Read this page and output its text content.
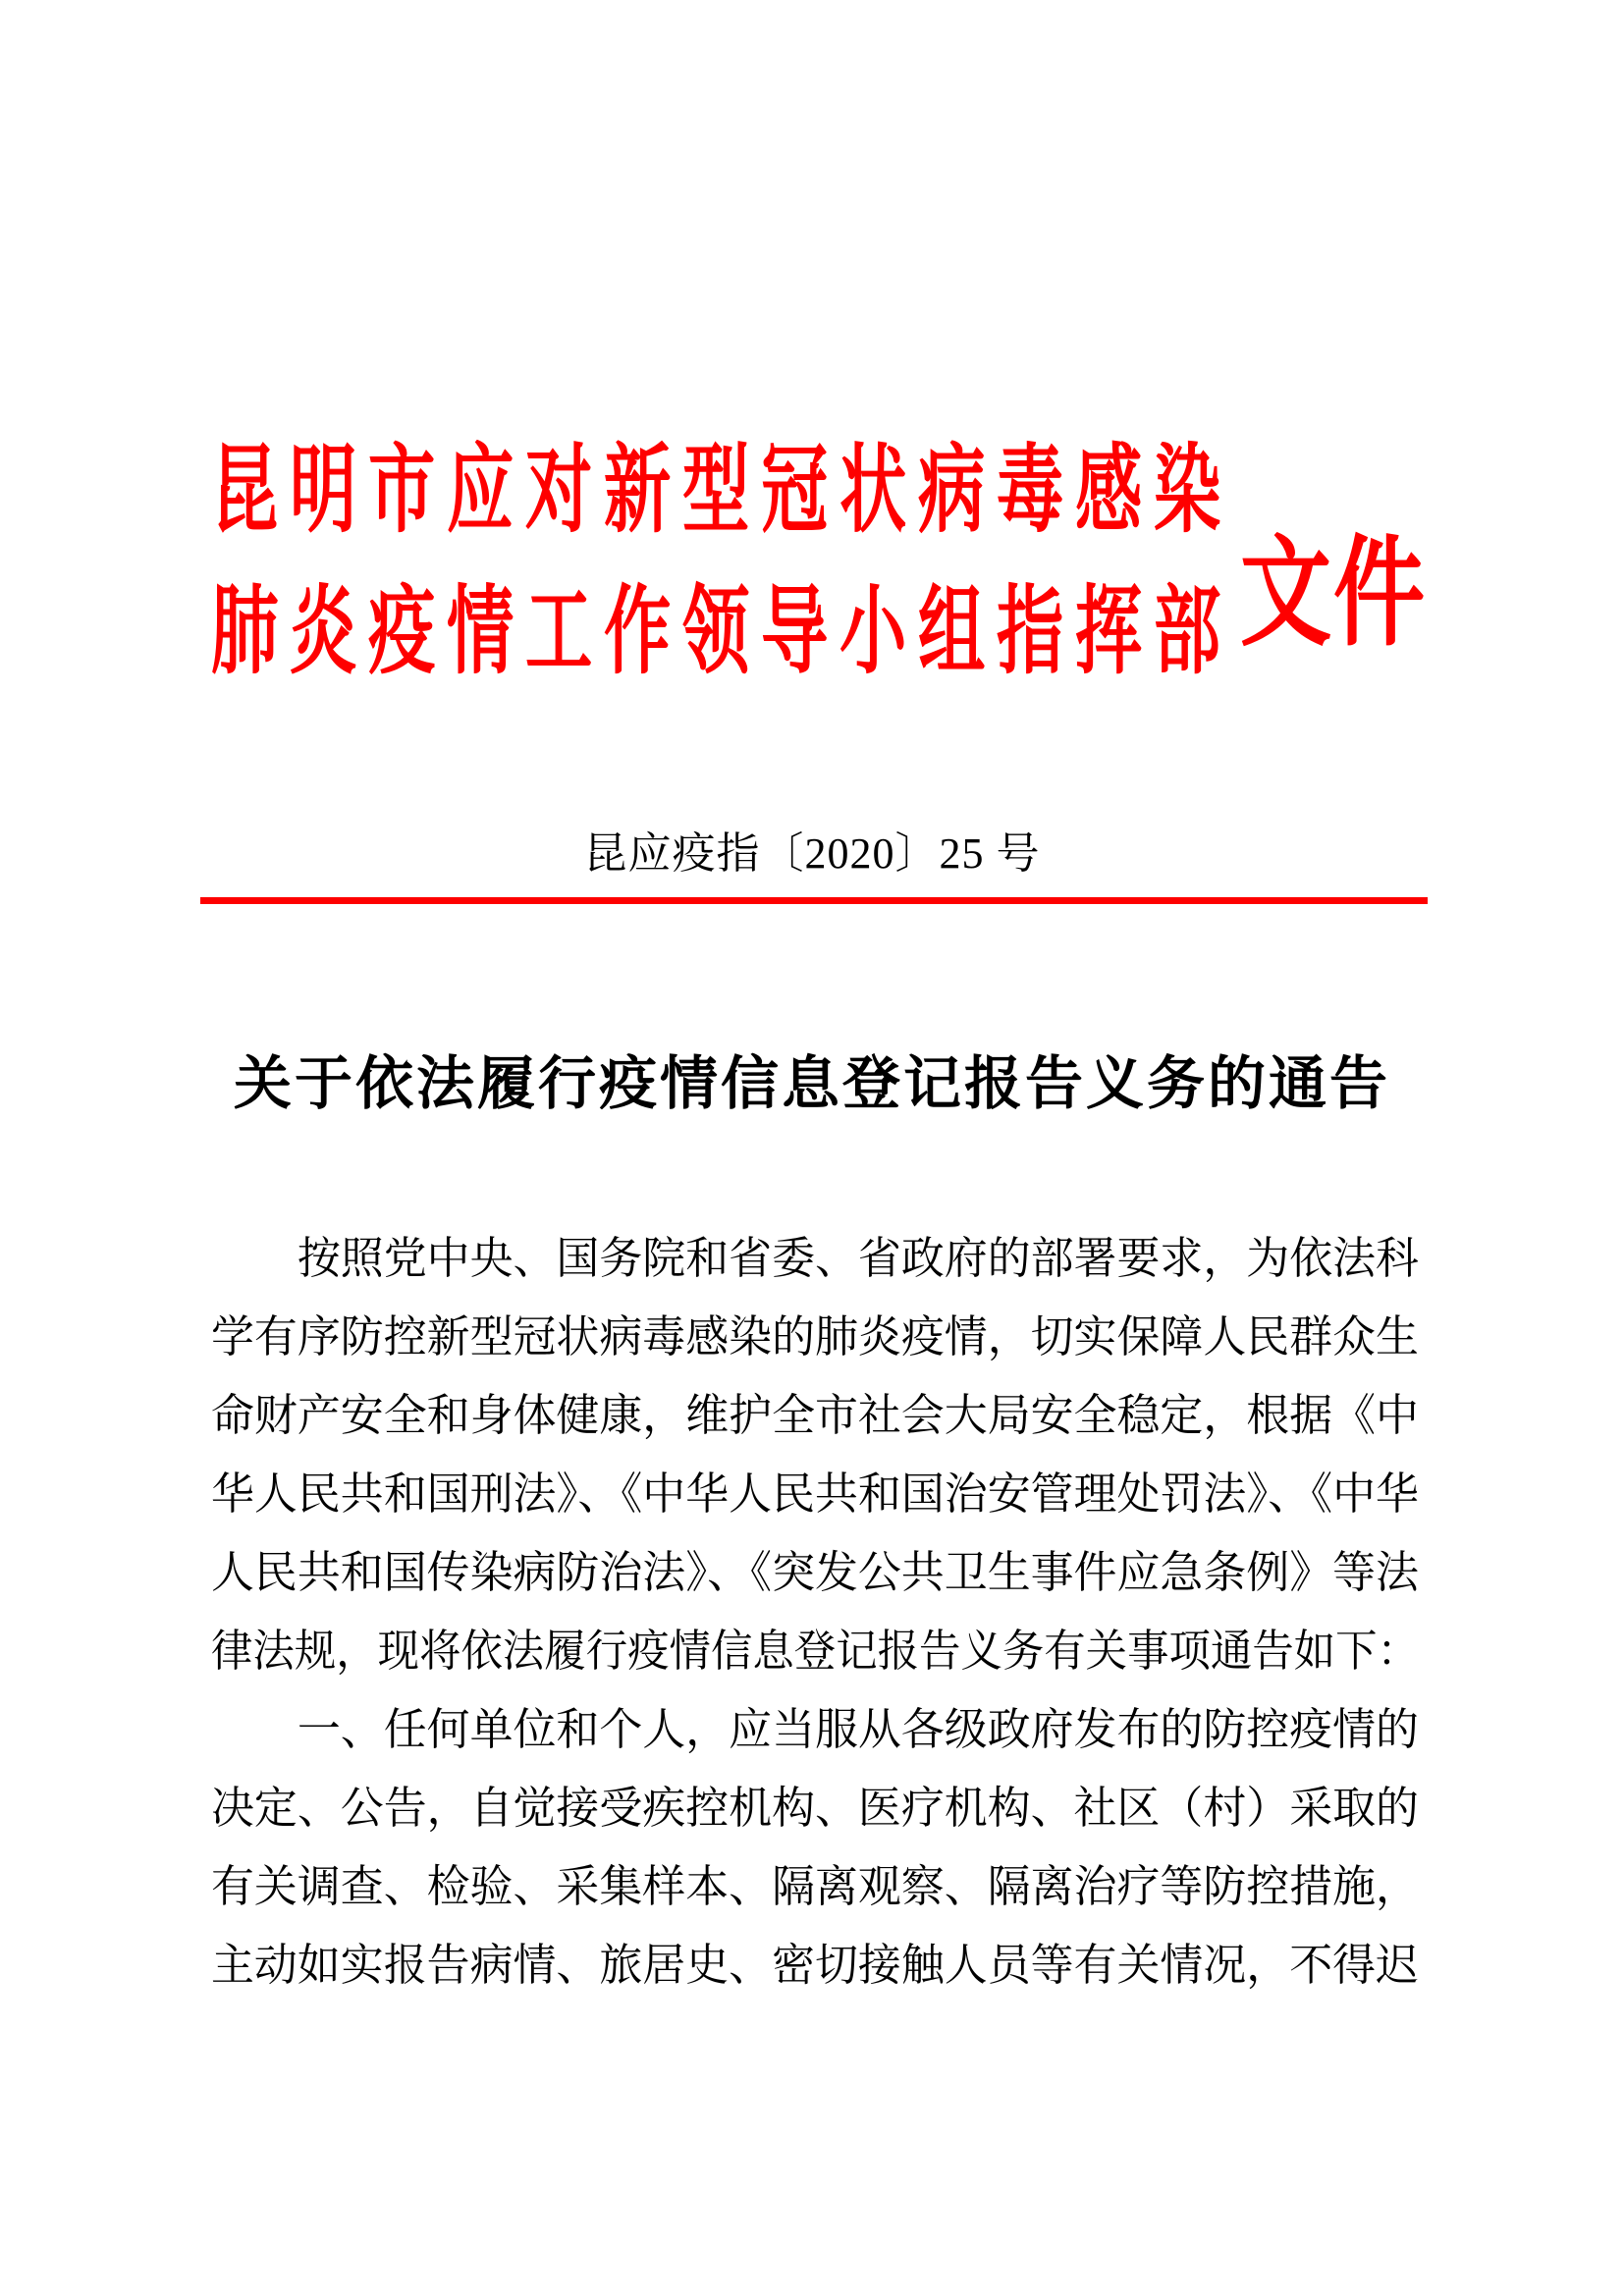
昆明市应对新型冠状病毒感染
肺炎疫情工作领导小组指挥部 文件
昆应疫指〔2020〕25 号
关于依法履行疫情信息登记报告义务的通告
　　按照党中央、国务院和省委、省政府的部署要求，为依法科
学有序防控新型冠状病毒感染的肺炎疫情，切实保障人民群众生
命财产安全和身体健康，维护全市社会大局安全稳定，根据《中
华人民共和国刑法》、《中华人民共和国治安管理处罚法》、《中华
人民共和国传染病防治法》、《突发公共卫生事件应急条例》等法
律法规，现将依法履行疫情信息登记报告义务有关事项通告如下：
　　一、任何单位和个人，应当服从各级政府发布的防控疫情的
决定、公告，自觉接受疾控机构、医疗机构、社区（村）采取的
有关调查、检验、采集样本、隔离观察、隔离治疗等防控措施，
主动如实报告病情、旅居史、密切接触人员等有关情况，不得迟
